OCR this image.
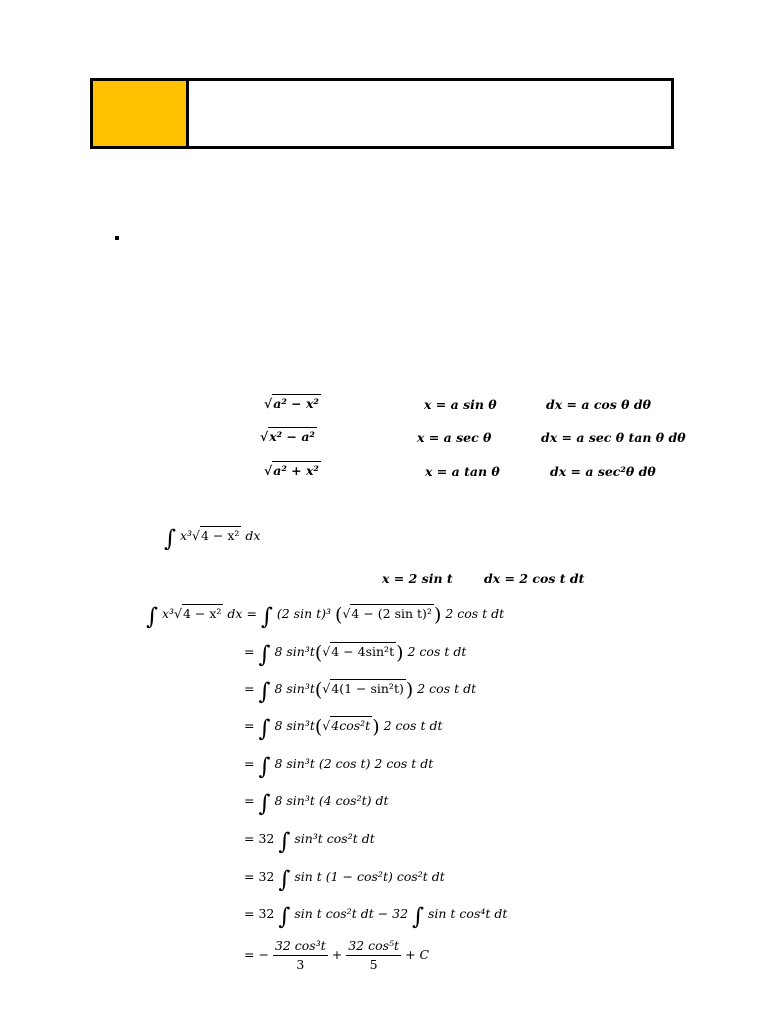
√a² − x²	x = a sin θ	dx = a cos θ dθ
√x² − a²	x = a sec θ	dx = a sec θ tan θ dθ
√a² + x²	x = a tan θ	dx = a sec²θ dθ
∫ x³√4 − x² dx
x = 2 sin t	dx = 2 cos t dt
∫ x³√4 − x² dx = ∫ (2 sin t)³ (√4 − (2 sin t)² ) 2 cos t dt
= ∫ 8 sin³t(√4 − 4sin²t ) 2 cos t dt
= ∫ 8 sin³t(√4(1 − sin²t) ) 2 cos t dt
= ∫ 8 sin³t(√4cos²t ) 2 cos t dt
= ∫ 8 sin³t (2 cos t) 2 cos t dt
= ∫ 8 sin³t (4 cos²t) dt
= 32 ∫ sin³t cos²t dt
= 32 ∫ sin t (1 − cos²t) cos²t dt
= 32 ∫ sin t cos²t dt − 32 ∫ sin t cos⁴t dt
= − $\frac{\text{32 cos³t}}{3} + \frac{\text{32 cos⁵t}}{5} + C$
